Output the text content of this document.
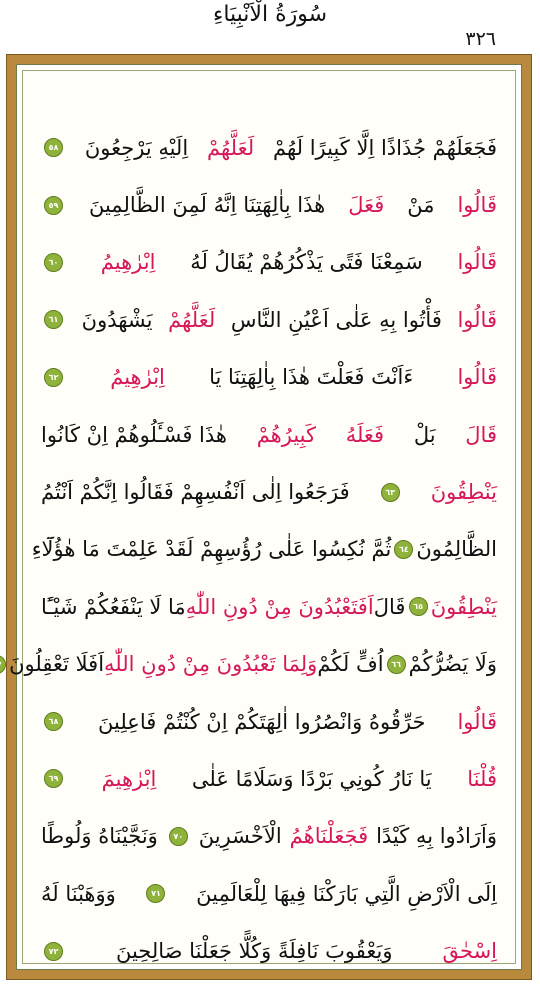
سُورَةُ الْاَنْبِيَاءِ
٣٢٦
فَجَعَلَهُمْ جُذَاذًا اِلَّا كَبِيرًا لَهُمْ
لَعَلَّهُمْ
اِلَيْهِ يَرْجِعُونَ
٥٨
قَالُوا
مَنْ
فَعَلَ
هٰذَا بِاٰلِهَتِنَا اِنَّهُ لَمِنَ الظَّالِمِينَ
٥٩
قَالُوا
سَمِعْنَا فَتًى يَذْكُرُهُمْ يُقَالُ لَهُ
اِبْرٰهِيمُ
٦٠
قَالُوا
فَأْتُوا بِهِ عَلٰى اَعْيُنِ النَّاسِ
لَعَلَّهُمْ
يَشْهَدُونَ
٦١
قَالُوا
ءَاَنْتَ فَعَلْتَ هٰذَا بِاٰلِهَتِنَا يَا
اِبْرٰهِيمُ
٦٢
قَالَ
بَلْ
فَعَلَهُ
كَبِيرُهُمْ
هٰذَا فَسْـَٔلُوهُمْ اِنْ كَانُوا
يَنْطِقُونَ
٦٣
فَرَجَعُوا اِلٰى اَنْفُسِهِمْ فَقَالُوا اِنَّكُمْ اَنْتُمُ
الظَّالِمُونَ
٦٤
ثُمَّ نُكِسُوا عَلٰى رُؤُسِهِمْ لَقَدْ عَلِمْتَ مَا هٰؤُلَٓاءِ
يَنْطِقُونَ
٦٥
قَالَ
اَفَتَعْبُدُونَ مِنْ دُونِ اللّٰهِ
مَا لَا يَنْفَعُكُمْ شَيْـًٔا
وَلَا يَضُرُّكُمْ
٦٦
اُفٍّ لَكُمْ
وَلِمَا تَعْبُدُونَ مِنْ دُونِ اللّٰهِ
اَفَلَا تَعْقِلُونَ
قَالُوا
حَرِّقُوهُ وَانْصُرُوا اٰلِهَتَكُمْ اِنْ كُنْتُمْ فَاعِلِينَ
٦٨
قُلْنَا
يَا نَارُ كُونِي بَرْدًا وَسَلَامًا عَلٰى
اِبْرٰهِيمَ
٦٩
وَاَرَادُوا بِهِ كَيْدًا
فَجَعَلْنَاهُمُ
الْاَخْسَرِينَ
٧٠
وَنَجَّيْنَاهُ وَلُوطًا
اِلَى الْاَرْضِ الَّتِي بَارَكْنَا فِيهَا لِلْعَالَمِينَ
٧١
وَوَهَبْنَا لَهُ
اِسْحٰقَ
وَيَعْقُوبَ نَافِلَةً وَكُلًّا جَعَلْنَا صَالِحِينَ
٧٢
